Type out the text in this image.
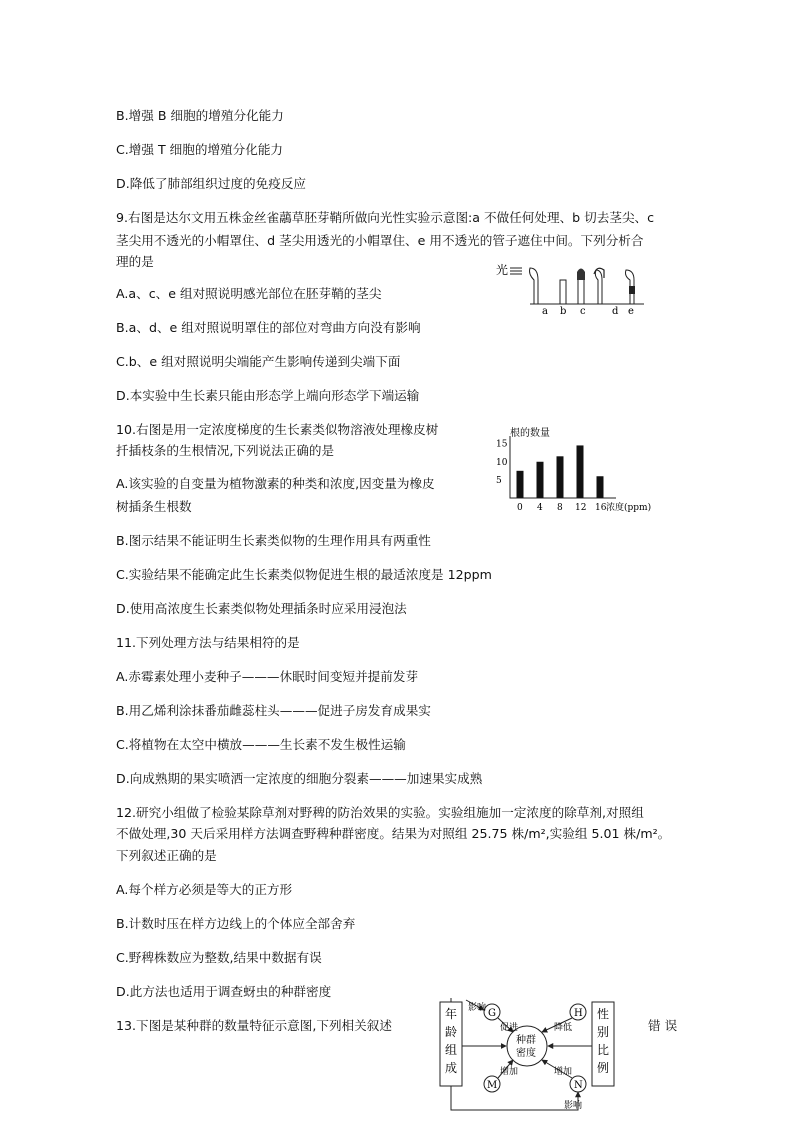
B.增强 B 细胞的增殖分化能力
C.增强 T 细胞的增殖分化能力
D.降低了肺部组织过度的免疫反应
9.右图是达尔文用五株金丝雀虉草胚芽鞘所做向光性实验示意图:a 不做任何处理、b 切去茎尖、c
茎尖用不透光的小帽罩住、d 茎尖用透光的小帽罩住、e 用不透光的管子遮住中间。下列分析合
理的是
A.a、c、e 组对照说明感光部位在胚芽鞘的茎尖
B.a、d、e 组对照说明罩住的部位对弯曲方向没有影响
C.b、e 组对照说明尖端能产生影响传递到尖端下面
D.本实验中生长素只能由形态学上端向形态学下端运输
光
a b c	d e
10.右图是用一定浓度梯度的生长素类似物溶液处理橡皮树
扦插枝条的生根情况,下列说法正确的是
A.该实验的自变量为植物激素的种类和浓度,因变量为橡皮
树插条生根数
B.图示结果不能证明生长素类似物的生理作用具有两重性
C.实验结果不能确定此生长素类似物促进生根的最适浓度是 12ppm
D.使用高浓度生长素类似物处理插条时应采用浸泡法
根的数量
浓度(ppm)
5
10
15
0 4 8 12 16
11.下列处理方法与结果相符的是
A.赤霉素处理小麦种子———休眠时间变短并提前发芽
B.用乙烯利涂抹番茄雌蕊柱头———促进子房发育成果实
C.将植物在太空中横放———生长素不发生极性运输
D.向成熟期的果实喷洒一定浓度的细胞分裂素———加速果实成熟
12.研究小组做了检验某除草剂对野稗的防治效果的实验。实验组施加一定浓度的除草剂,对照组
不做处理,30 天后采用样方法调查野稗种群密度。结果为对照组 25.75 株/m²,实验组 5.01 株/m²。
下列叙述正确的是
A.每个样方必须是等大的正方形
B.计数时压在样方边线上的个体应全部舍弃
C.野稗株数应为整数,结果中数据有误
D.此方法也适用于调查蚜虫的种群密度
13.下图是某种群的数量特征示意图,下列相关叙述	错 误
年龄组成
性别比例
种群
密度
G	H
M	N
促进	降低
增加	增加
影响
影响
